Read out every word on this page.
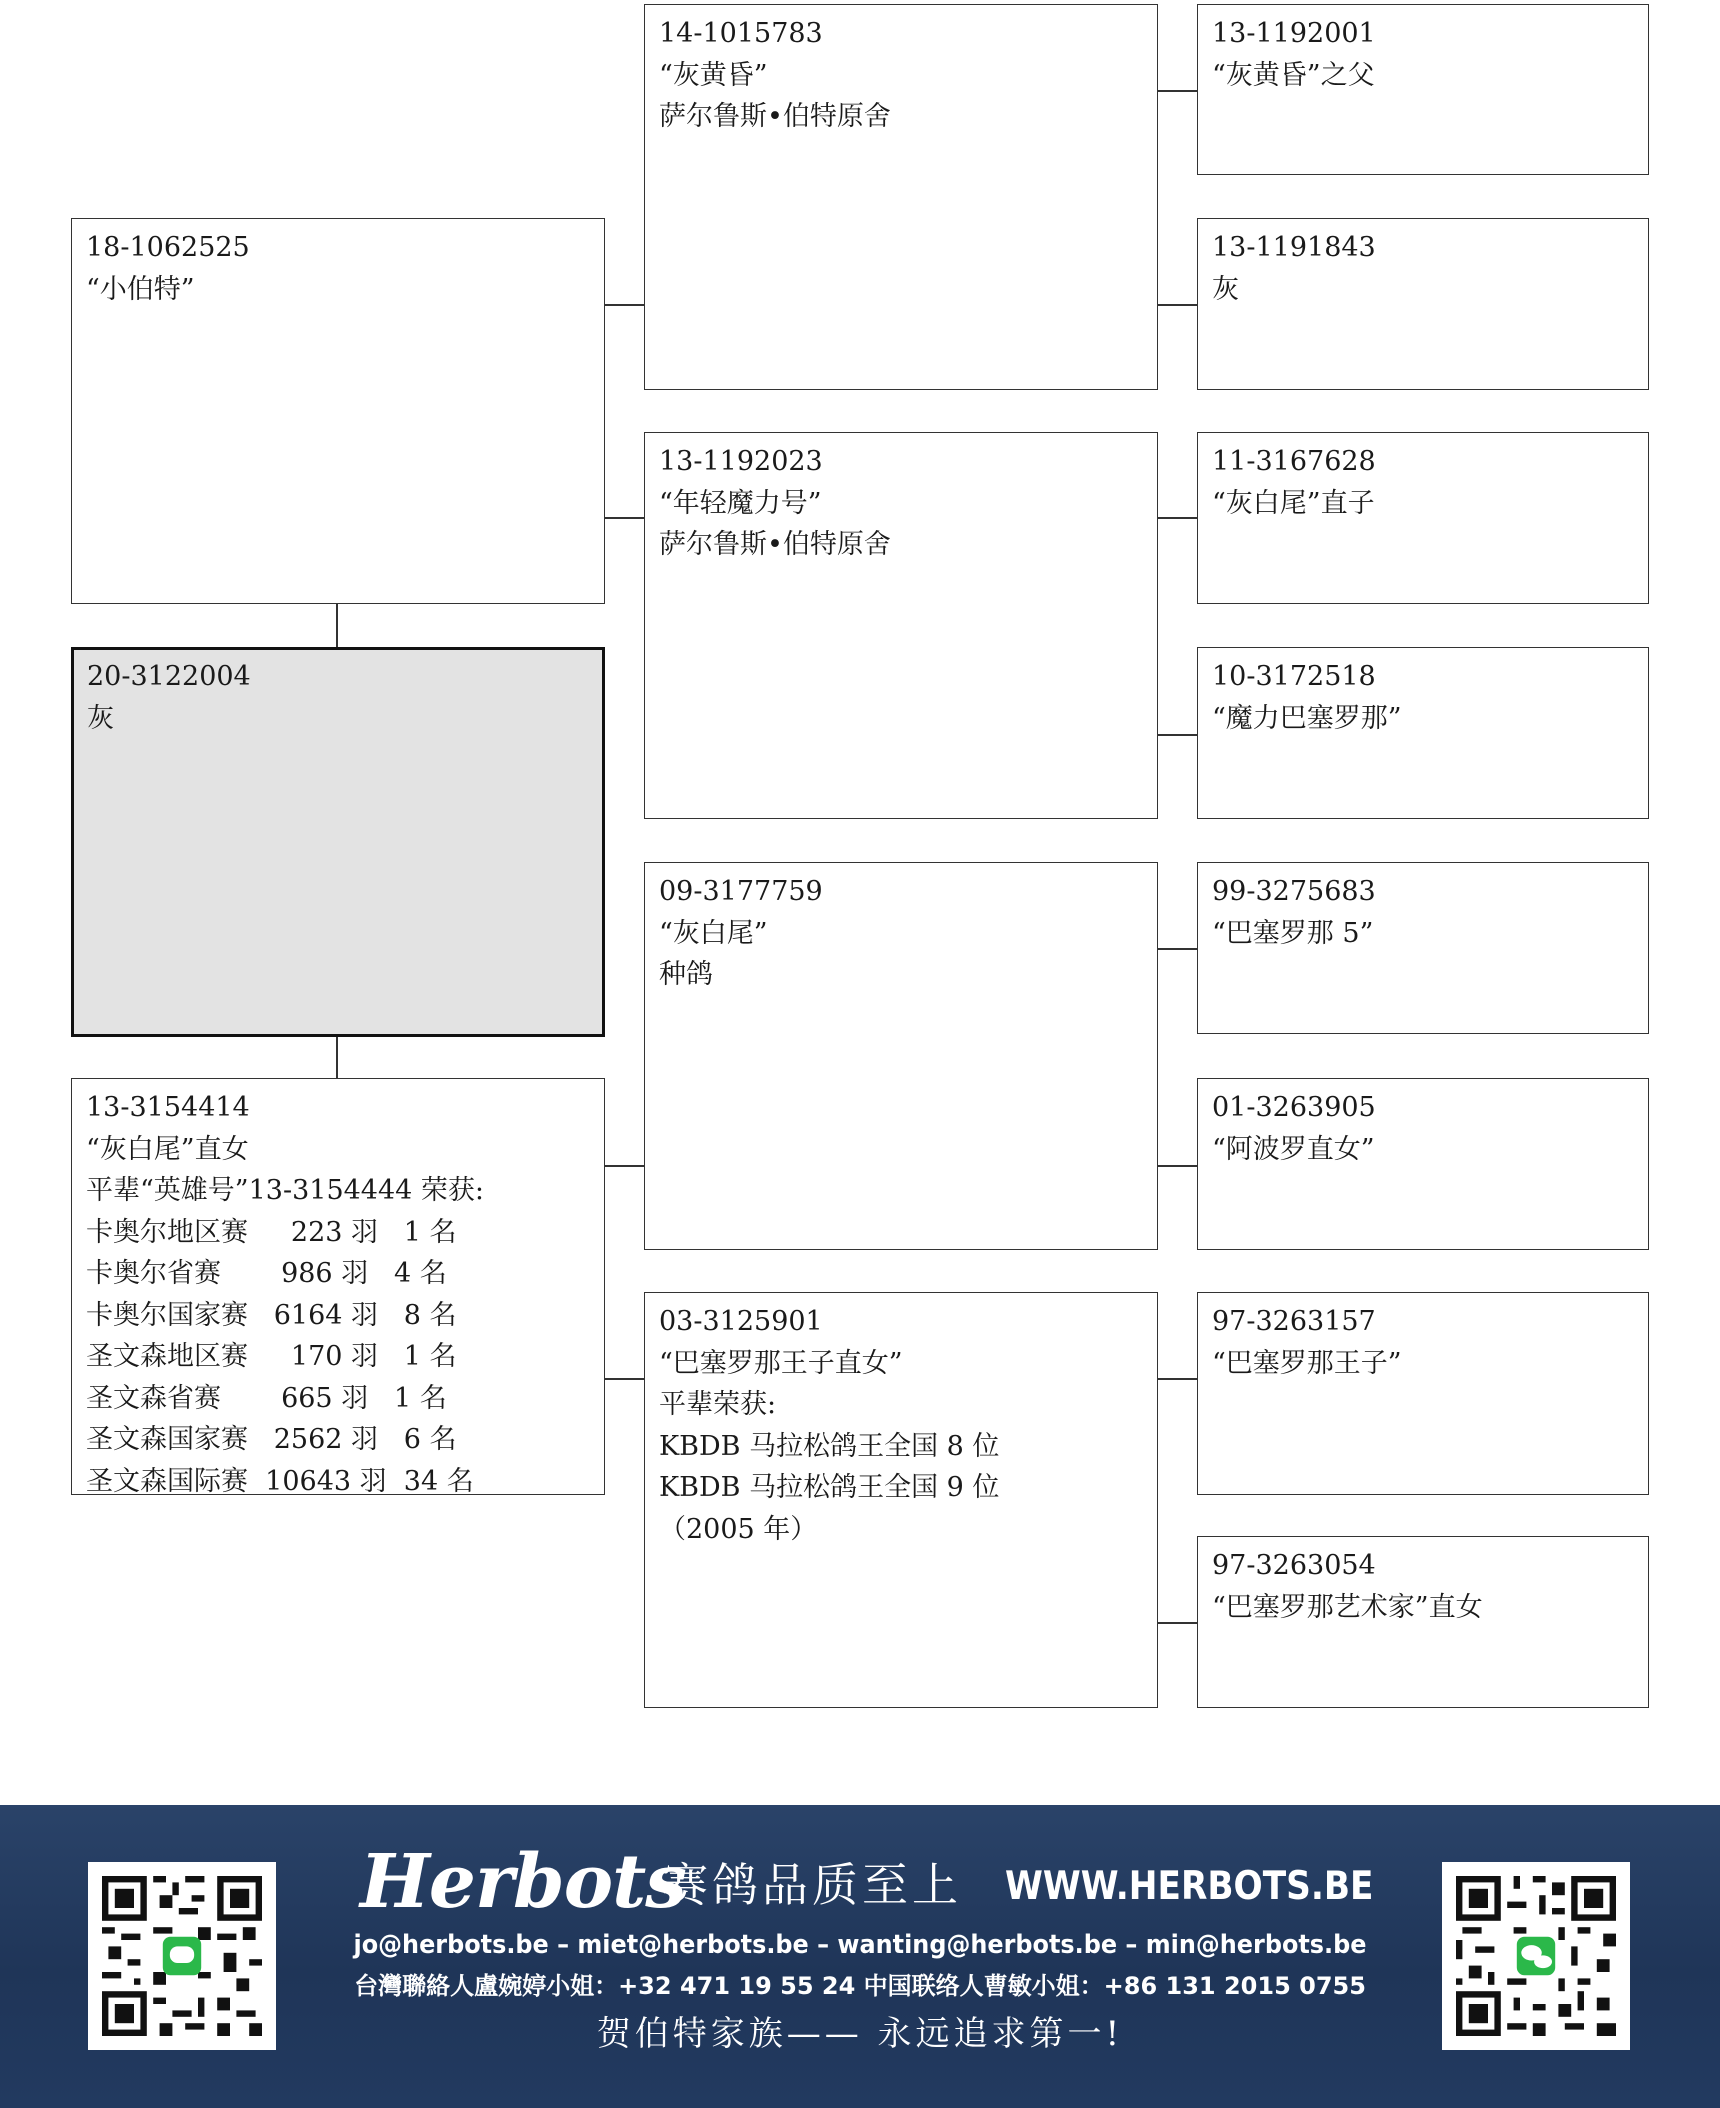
18-1062525
“小伯特”
20-3122004
灰
13-3154414
“灰白尾”直女
平辈“英雄号”13-3154444 荣获:
卡奥尔地区赛     223 羽   1 名
卡奥尔省赛       986 羽   4 名
卡奥尔国家赛   6164 羽   8 名
圣文森地区赛     170 羽   1 名
圣文森省赛       665 羽   1 名
圣文森国家赛   2562 羽   6 名
圣文森国际赛  10643 羽  34 名
14-1015783
“灰黄昏”
萨尔鲁斯•伯特原舍
13-1192023
“年轻魔力号”
萨尔鲁斯•伯特原舍
09-3177759
“灰白尾”
种鸽
03-3125901
“巴塞罗那王子直女”
平辈荣获:
KBDB 马拉松鸽王全国 8 位
KBDB 马拉松鸽王全国 9 位
（2005 年）
13-1192001
“灰黄昏”之父
13-1191843
灰
11-3167628
“灰白尾”直子
10-3172518
“魔力巴塞罗那”
99-3275683
“巴塞罗那 5”
01-3263905
“阿波罗直女”
97-3263157
“巴塞罗那王子”
97-3263054
“巴塞罗那艺术家”直女
Herbots
赛鸽品质至上 WWW.HERBOTS.BE
jo@herbots.be – miet@herbots.be – wanting@herbots.be – min@herbots.be
台灣聯絡人盧婉婷小姐：+32 471 19 55 24 中国联络人曹敏小姐：+86 131 2015 0755
贺伯特家族—— 永远追求第一!
